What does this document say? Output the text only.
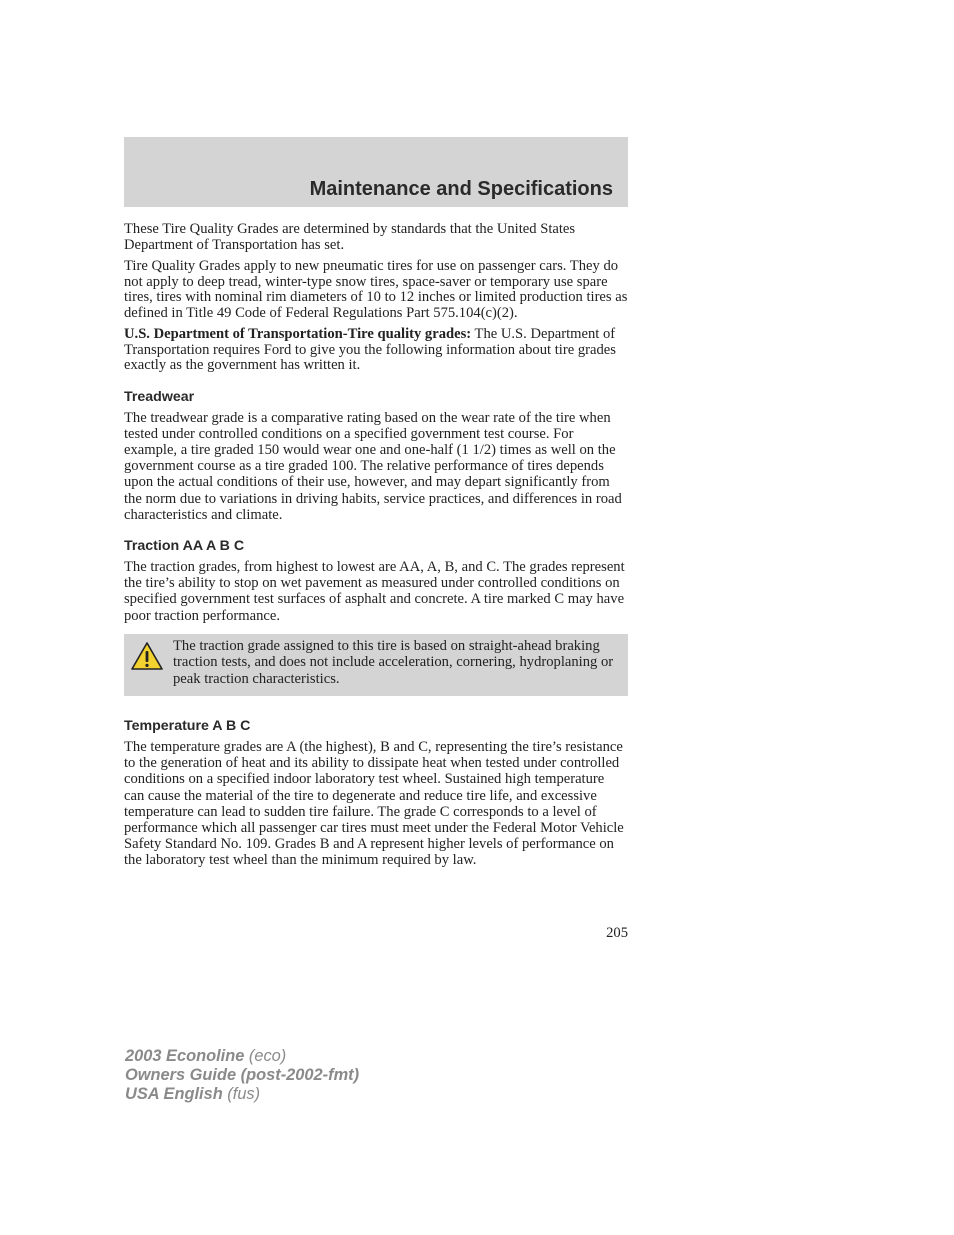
Maintenance and Specifications

These Tire Quality Grades are determined by standards that the United States Department of Transportation has set.

Tire Quality Grades apply to new pneumatic tires for use on passenger cars. They do not apply to deep tread, winter-type snow tires, space-saver or temporary use spare tires, tires with nominal rim diameters of 10 to 12 inches or limited production tires as defined in Title 49 Code of Federal Regulations Part 575.104(c)(2).

U.S. Department of Transportation-Tire quality grades: The U.S. Department of Transportation requires Ford to give you the following information about tire grades exactly as the government has written it.

Treadwear

The treadwear grade is a comparative rating based on the wear rate of the tire when tested under controlled conditions on a specified government test course. For example, a tire graded 150 would wear one and one-half (1 1/2) times as well on the government course as a tire graded 100. The relative performance of tires depends upon the actual conditions of their use, however, and may depart significantly from the norm due to variations in driving habits, service practices, and differences in road characteristics and climate.

Traction AA A B C

The traction grades, from highest to lowest are AA, A, B, and C. The grades represent the tire’s ability to stop on wet pavement as measured under controlled conditions on specified government test surfaces of asphalt and concrete. A tire marked C may have poor traction performance.

The traction grade assigned to this tire is based on straight-ahead braking traction tests, and does not include acceleration, cornering, hydroplaning or peak traction characteristics.
Temperature A B C

The temperature grades are A (the highest), B and C, representing the tire’s resistance to the generation of heat and its ability to dissipate heat when tested under controlled conditions on a specified indoor laboratory test wheel. Sustained high temperature can cause the material of the tire to degenerate and reduce tire life, and excessive temperature can lead to sudden tire failure. The grade C corresponds to a level of performance which all passenger car tires must meet under the Federal Motor Vehicle Safety Standard No. 109. Grades B and A represent higher levels of performance on the laboratory test wheel than the minimum required by law.

205
2003 Econoline (eco)
Owners Guide (post-2002-fmt)
USA English (fus)
